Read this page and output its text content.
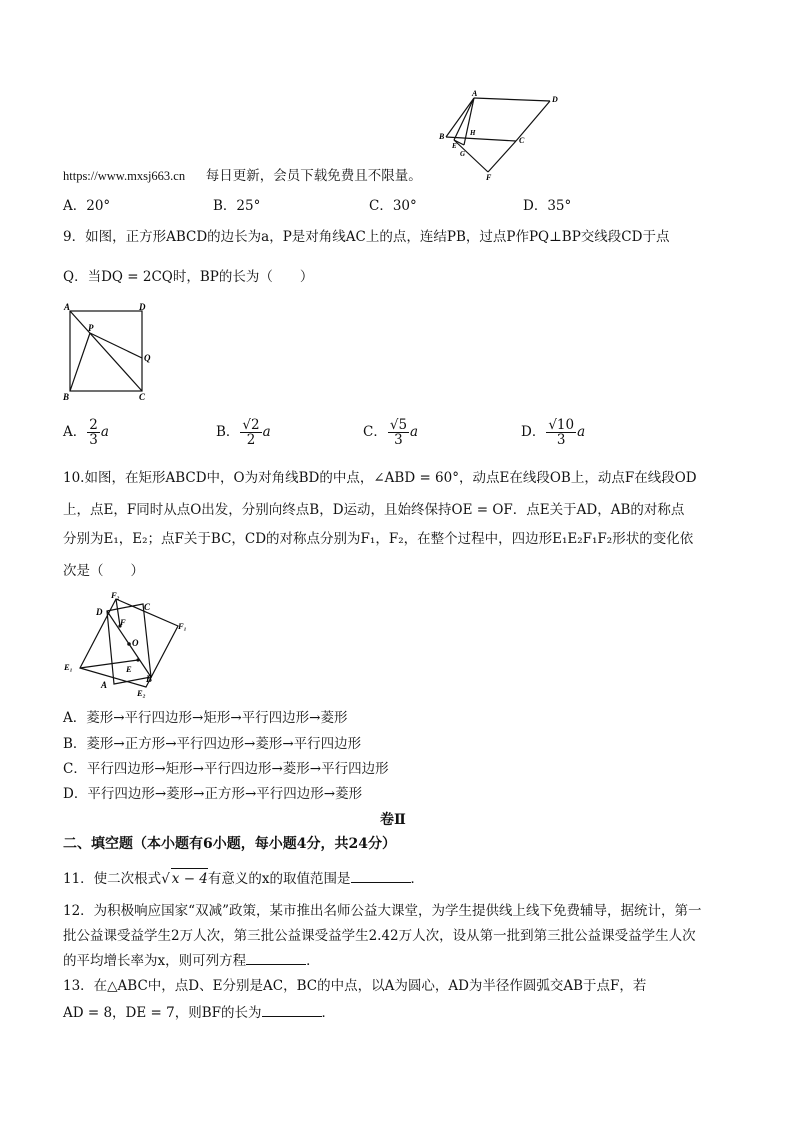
A
D
B	H
C
E
G
F
https://www.mxsj663.cn 每日更新，会员下载免费且不限量。
A．20°	B．25°	C．30°	D．35°
9．如图，正方形ABCD的边长为a，P是对角线AC上的点，连结PB，过点P作PQ⊥BP交线段CD于点
Q．当DQ = 2CQ时，BP的长为（　　）
A	D
P
Q
B	C
A． $\frac{2}{3}$ a	B． $\frac{√2}{2}$ a	C． $\frac{√5}{3}$ a	D． $\frac{√10}{3}$ a
10.如图，在矩形ABCD中，O为对角线BD的中点，∠ABD = 60°，动点E在线段OB上，动点F在线段OD
上，点E，F同时从点O出发，分别向终点B，D运动，且始终保持OE = OF．点E关于AD，AB的对称点
分别为E₁，E₂；点F关于BC，CD的对称点分别为F₁，F₂，在整个过程中，四边形E₁E₂F₁F₂形状的变化依
次是（　　）
F₂
C
D
F	F₁
O
E₁	E
A
B
E₂
A．菱形→平行四边形→矩形→平行四边形→菱形
B．菱形→正方形→平行四边形→菱形→平行四边形
C．平行四边形→矩形→平行四边形→菱形→平行四边形
D．平行四边形→菱形→正方形→平行四边形→菱形
卷Ⅱ
二、填空题（本小题有6小题，每小题4分，共24分）
11．使二次根式√ x − 4有意义的x的取值范围是	．
12．为积极响应国家“双减”政策，某市推出名师公益大课堂，为学生提供线上线下免费辅导，据统计，第一
批公益课受益学生2万人次，第三批公益课受益学生2.42万人次，设从第一批到第三批公益课受益学生人次
的平均增长率为x，则可列方程	．
13．在△ABC中，点D、E分别是AC，BC的中点，以A为圆心，AD为半径作圆弧交AB于点F，若
AD = 8，DE = 7，则BF的长为	．
